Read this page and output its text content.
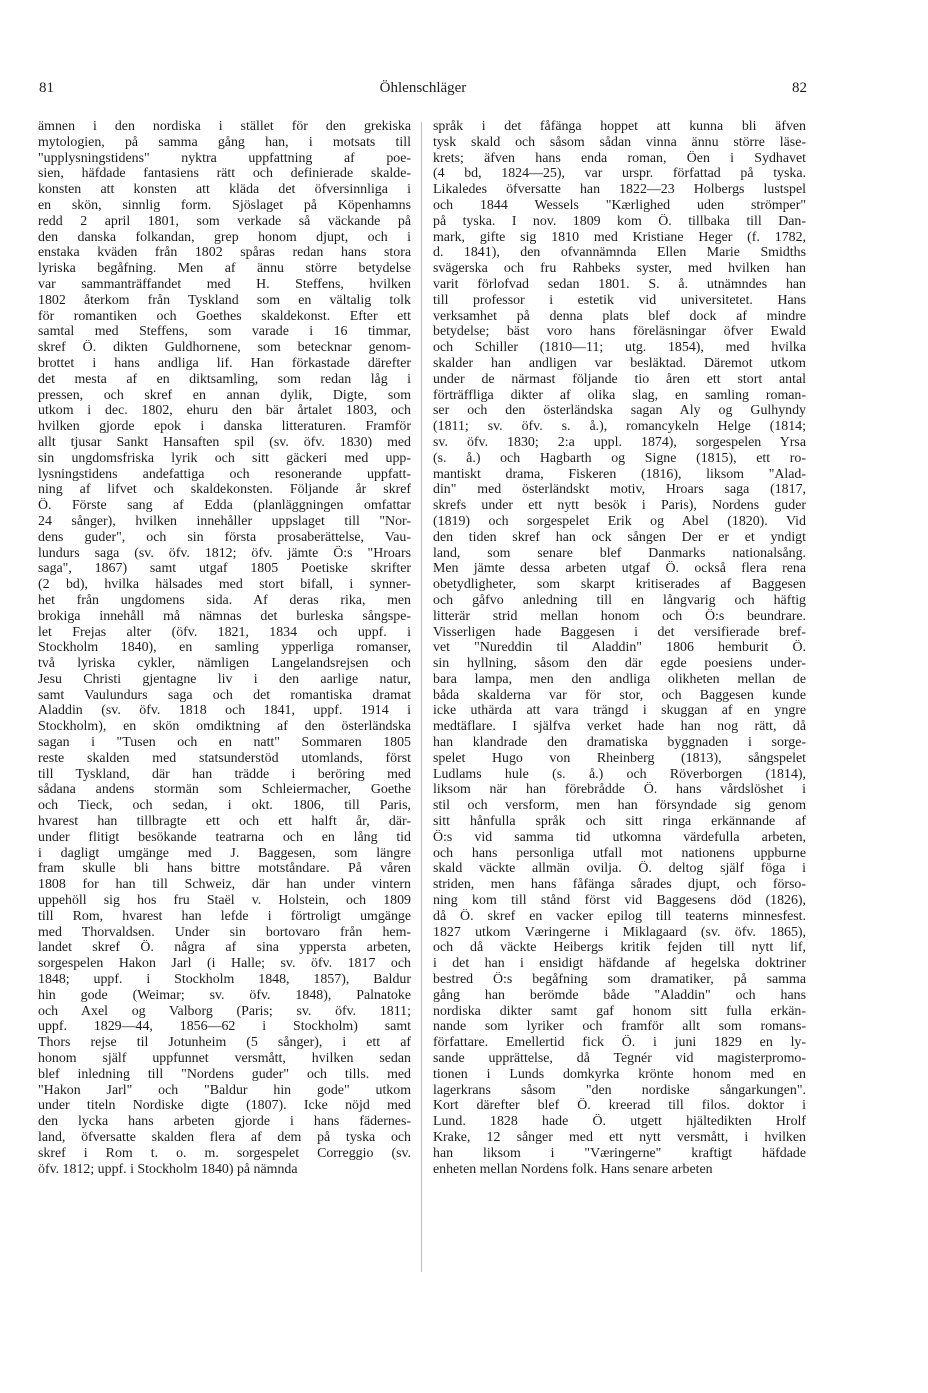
81	Öhlenschläger	82
ämnen i den nordiska i stället för den grekiska
mytologien, på samma gång han, i motsats till
"upplysningstidens" nyktra uppfattning af poe-
sien, häfdade fantasiens rätt och definierade skalde-
konsten att konsten att kläda det öfversinnliga i
en skön, sinnlig form. Sjöslaget på Köpenhamns
redd 2 april 1801, som verkade så väckande på
den danska folkandan, grep honom djupt, och i
enstaka kväden från 1802 spåras redan hans stora
lyriska begåfning. Men af ännu större betydelse
var sammanträffandet med H. Steffens, hvilken
1802 återkom från Tyskland som en vältalig tolk
för romantiken och Goethes skaldekonst. Efter ett
samtal med Steffens, som varade i 16 timmar,
skref Ö. dikten Guldhornene, som betecknar genom-
brottet i hans andliga lif. Han förkastade därefter
det mesta af en diktsamling, som redan låg i
pressen, och skref en annan dylik, Digte, som
utkom i dec. 1802, ehuru den bär årtalet 1803, och
hvilken gjorde epok i danska litteraturen. Framför
allt tjusar Sankt Hansaften spil (sv. öfv. 1830) med
sin ungdomsfriska lyrik och sitt gäckeri med upp-
lysningstidens andefattiga och resonerande uppfatt-
ning af lifvet och skaldekonsten. Följande år skref
Ö. Förste sang af Edda (planläggningen omfattar
24 sånger), hvilken innehåller uppslaget till "Nor-
dens guder", och sin första prosaberättelse, Vau-
lundurs saga (sv. öfv. 1812; öfv. jämte Ö:s "Hroars
saga", 1867) samt utgaf 1805 Poetiske skrifter
(2 bd), hvilka hälsades med stort bifall, i synner-
het från ungdomens sida. Af deras rika, men
brokiga innehåll må nämnas det burleska sångspe-
let Frejas alter (öfv. 1821, 1834 och uppf. i
Stockholm 1840), en samling ypperliga romanser,
två lyriska cykler, nämligen Langelandsrejsen och
Jesu Christi gjentagne liv i den aarlige natur,
samt Vaulundurs saga och det romantiska dramat
Aladdin (sv. öfv. 1818 och 1841, uppf. 1914 i
Stockholm), en skön omdiktning af den österländska
sagan i "Tusen och en natt" Sommaren 1805
reste skalden med statsunderstöd utomlands, först
till Tyskland, där han trädde i beröring med
sådana andens stormän som Schleiermacher, Goethe
och Tieck, och sedan, i okt. 1806, till Paris,
hvarest han tillbragte ett och ett halft år, där-
under flitigt besökande teatrarna och en lång tid
i dagligt umgänge med J. Baggesen, som längre
fram skulle bli hans bittre motståndare. På våren
1808 for han till Schweiz, där han under vintern
uppehöll sig hos fru Staël v. Holstein, och 1809
till Rom, hvarest han lefde i förtroligt umgänge
med Thorvaldsen. Under sin bortovaro från hem-
landet skref Ö. några af sina yppersta arbeten,
sorgespelen Hakon Jarl (i Halle; sv. öfv. 1817 och
1848; uppf. i Stockholm 1848, 1857), Baldur
hin gode (Weimar; sv. öfv. 1848), Palnatoke
och Axel og Valborg (Paris; sv. öfv. 1811;
uppf. 1829—44, 1856—62 i Stockholm) samt
Thors rejse til Jotunheim (5 sånger), i ett af
honom själf uppfunnet versmått, hvilken sedan
blef inledning till "Nordens guder" och tills. med
"Hakon Jarl" och "Baldur hin gode" utkom
under titeln Nordiske digte (1807). Icke nöjd med
den lycka hans arbeten gjorde i hans fädernes-
land, öfversatte skalden flera af dem på tyska och
skref i Rom t. o. m. sorgespelet Correggio (sv.
öfv. 1812; uppf. i Stockholm 1840) på nämnda
språk i det fåfänga hoppet att kunna bli äfven
tysk skald och såsom sådan vinna ännu större läse-
krets; äfven hans enda roman, Öen i Sydhavet
(4 bd, 1824—25), var urspr. författad på tyska.
Likaledes öfversatte han 1822—23 Holbergs lustspel
och 1844 Wessels "Kærlighed uden strömper"
på tyska. I nov. 1809 kom Ö. tillbaka till Dan-
mark, gifte sig 1810 med Kristiane Heger (f. 1782,
d. 1841), den ofvannämnda Ellen Marie Smidths
svägerska och fru Rahbeks syster, med hvilken han
varit förlofvad sedan 1801. S. å. utnämndes han
till professor i estetik vid universitetet. Hans
verksamhet på denna plats blef dock af mindre
betydelse; bäst voro hans föreläsningar öfver Ewald
och Schiller (1810—11; utg. 1854), med hvilka
skalder han andligen var besläktad. Däremot utkom
under de närmast följande tio åren ett stort antal
förträffliga dikter af olika slag, en samling roman-
ser och den österländska sagan Aly og Gulhyndy
(1811; sv. öfv. s. å.), romancykeln Helge (1814;
sv. öfv. 1830; 2:a uppl. 1874), sorgespelen Yrsa
(s. å.) och Hagbarth og Signe (1815), ett ro-
mantiskt drama, Fiskeren (1816), liksom "Alad-
din" med österländskt motiv, Hroars saga (1817,
skrefs under ett nytt besök i Paris), Nordens guder
(1819) och sorgespelet Erik og Abel (1820). Vid
den tiden skref han ock sången Der er et yndigt
land, som senare blef Danmarks nationalsång.
Men jämte dessa arbeten utgaf Ö. också flera rena
obetydligheter, som skarpt kritiserades af Baggesen
och gåfvo anledning till en långvarig och häftig
litterär strid mellan honom och Ö:s beundrare.
Visserligen hade Baggesen i det versifierade bref-
vet "Nureddin til Aladdin" 1806 hemburit Ö.
sin hyllning, såsom den där egde poesiens under-
bara lampa, men den andliga olikheten mellan de
båda skalderna var för stor, och Baggesen kunde
icke uthärda att vara trängd i skuggan af en yngre
medtäflare. I själfva verket hade han nog rätt, då
han klandrade den dramatiska byggnaden i sorge-
spelet Hugo von Rheinberg (1813), sångspelet
Ludlams hule (s. å.) och Röverborgen (1814),
liksom när han förebrådde Ö. hans vårdslöshet i
stil och versform, men han försyndade sig genom
sitt hånfulla språk och sitt ringa erkännande af
Ö:s vid samma tid utkomna värdefulla arbeten,
och hans personliga utfall mot nationens uppburne
skald väckte allmän ovilja. Ö. deltog själf föga i
striden, men hans fåfänga sårades djupt, och förso-
ning kom till stånd först vid Baggesens död (1826),
då Ö. skref en vacker epilog till teaterns minnesfest.
1827 utkom Væringerne i Miklagaard (sv. öfv. 1865),
och då väckte Heibergs kritik fejden till nytt lif,
i det han i ensidigt häfdande af hegelska doktriner
bestred Ö:s begåfning som dramatiker, på samma
gång han berömde både "Aladdin" och hans
nordiska dikter samt gaf honom sitt fulla erkän-
nande som lyriker och framför allt som romans-
författare. Emellertid fick Ö. i juni 1829 en ly-
sande upprättelse, då Tegnér vid magisterpromo-
tionen i Lunds domkyrka krönte honom med en
lagerkrans såsom "den nordiske sångarkungen".
Kort därefter blef Ö. kreerad till filos. doktor i
Lund. 1828 hade Ö. utgett hjältedikten Hrolf
Krake, 12 sånger med ett nytt versmått, i hvilken
han liksom i "Væringerne" kraftigt häfdade
enheten mellan Nordens folk. Hans senare arbeten
